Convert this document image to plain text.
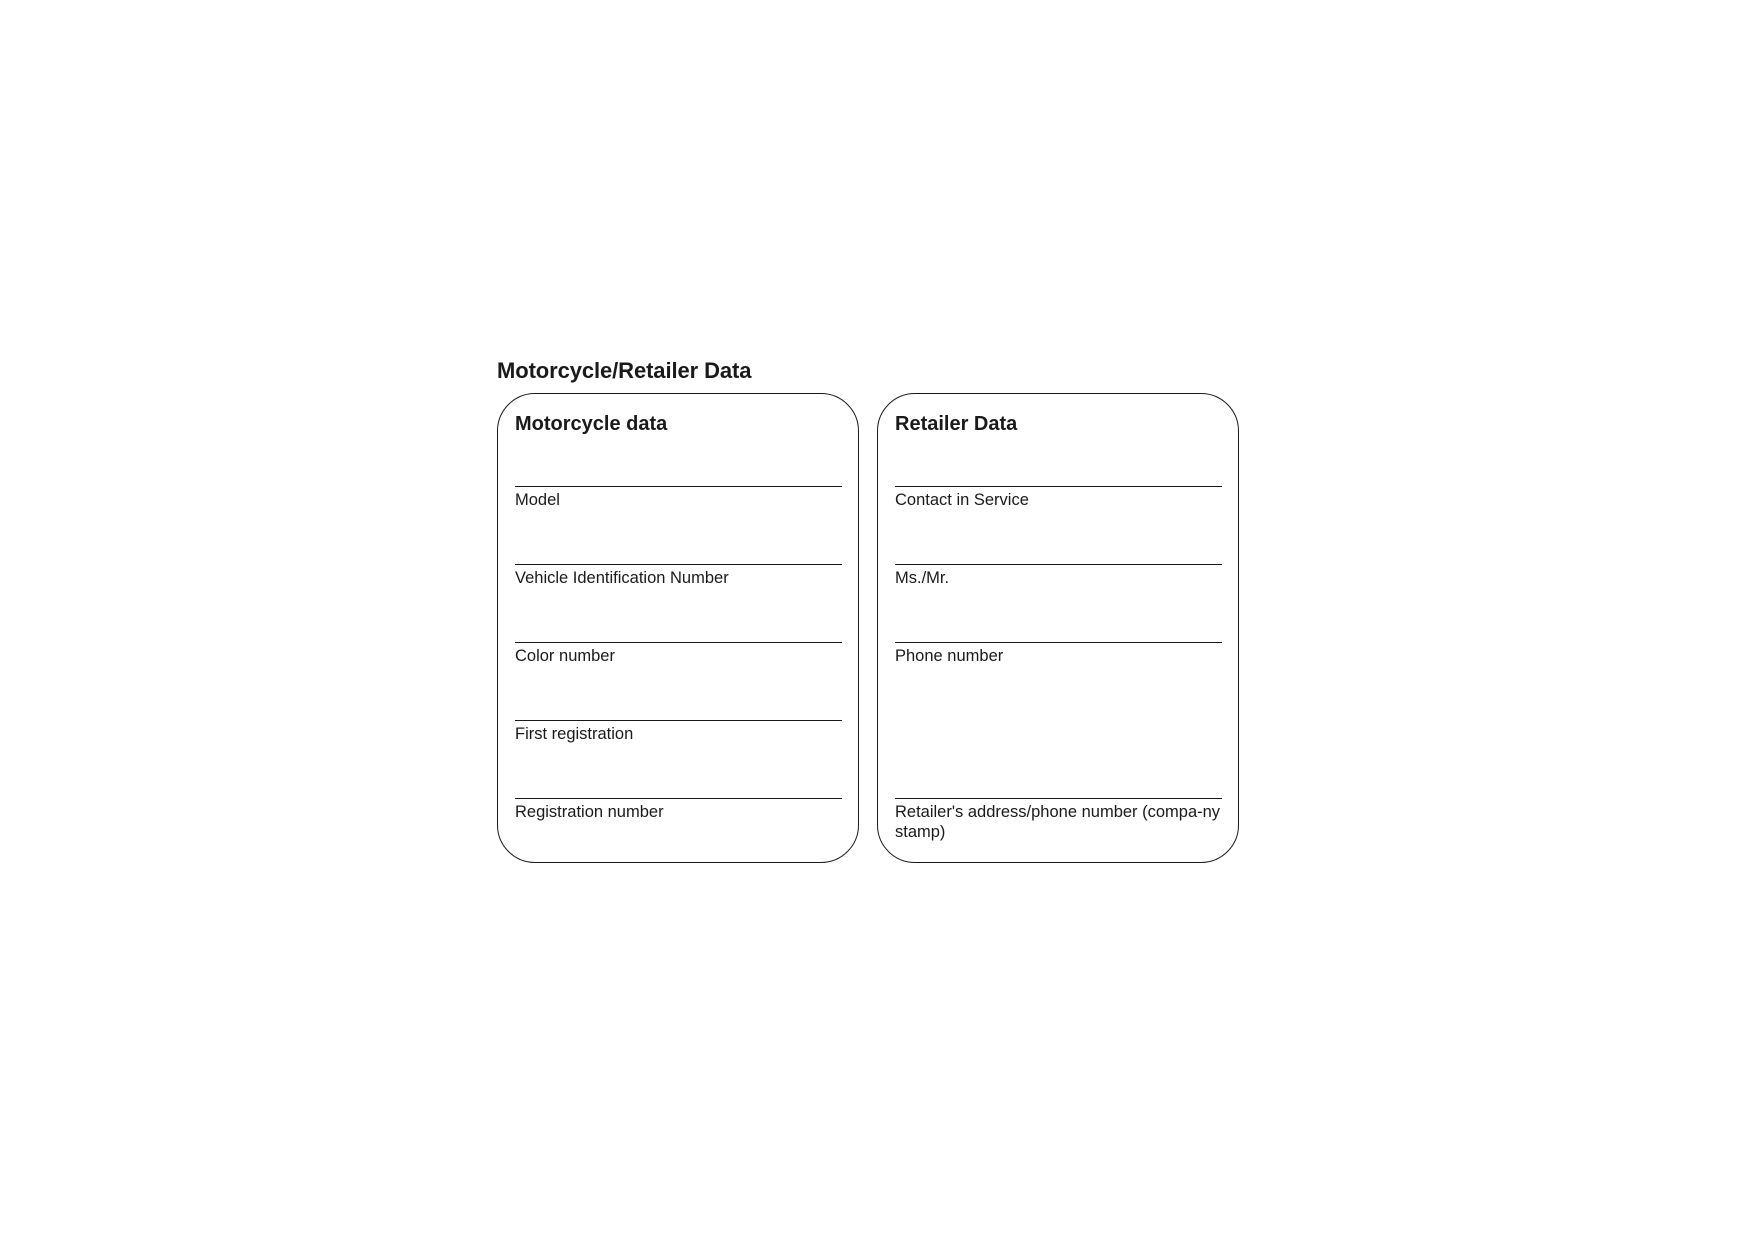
Motorcycle/Retailer Data
Motorcycle data
Model
Vehicle Identification Number
Color number
First registration
Registration number
Retailer Data
Contact in Service
Ms./Mr.
Phone number
Retailer's address/phone number (compa-ny stamp)
